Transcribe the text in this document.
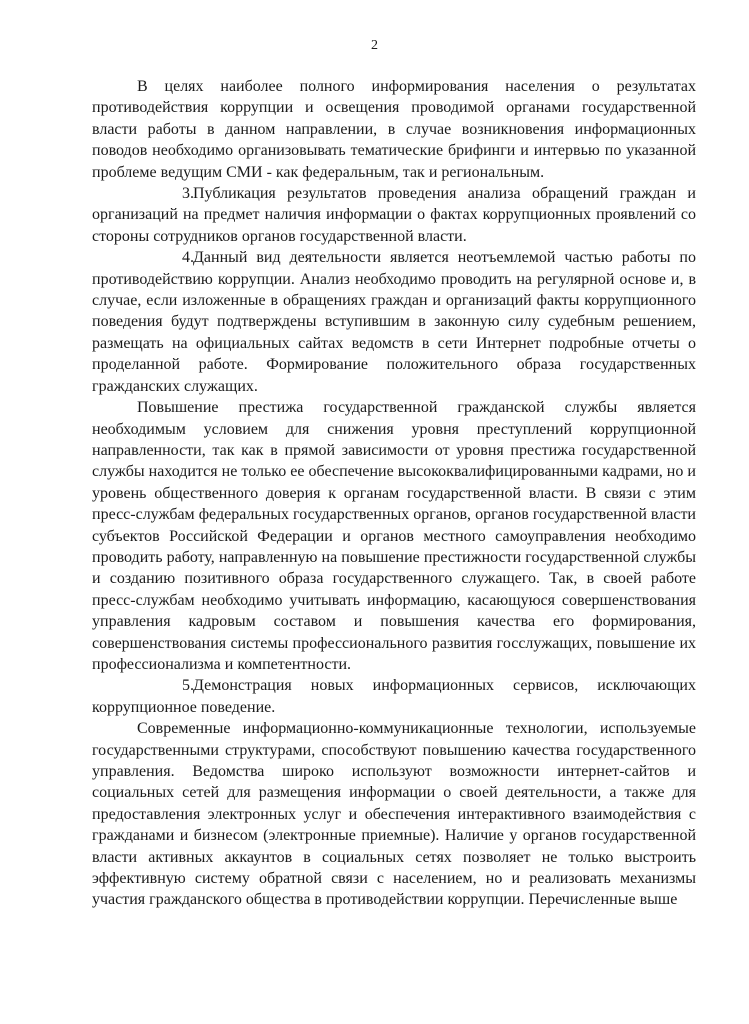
2

В целях наиболее полного информирования населения о результатах противодействия коррупции и освещения проводимой органами государственной власти работы в данном направлении, в случае возникновения информационных поводов необходимо организовывать тематические брифинги и интервью по указанной проблеме ведущим СМИ - как федеральным, так и региональным.

3.Публикация результатов проведения анализа обращений граждан и организаций на предмет наличия информации о фактах коррупционных проявлений со стороны сотрудников органов государственной власти.

4.Данный вид деятельности является неотъемлемой частью работы по противодействию коррупции. Анализ необходимо проводить на регулярной основе и, в случае, если изложенные в обращениях граждан и организаций факты коррупционного поведения будут подтверждены вступившим в законную силу судебным решением, размещать на официальных сайтах ведомств в сети Интернет подробные отчеты о проделанной работе. Формирование положительного образа государственных гражданских служащих.

Повышение престижа государственной гражданской службы является необходимым условием для снижения уровня преступлений коррупционной направленности, так как в прямой зависимости от уровня престижа государственной службы находится не только ее обеспечение высококвалифицированными кадрами, но и уровень общественного доверия к органам государственной власти. В связи с этим пресс-службам федеральных государственных органов, органов государственной власти субъектов Российской Федерации и органов местного самоуправления необходимо проводить работу, направленную на повышение престижности государственной службы и созданию позитивного образа государственного служащего. Так, в своей работе пресс-службам необходимо учитывать информацию, касающуюся совершенствования управления кадровым составом и повышения качества его формирования, совершенствования системы профессионального развития госслужащих, повышение их профессионализма и компетентности.

5.Демонстрация новых информационных сервисов, исключающих коррупционное поведение.

Современные информационно-коммуникационные технологии, используемые государственными структурами, способствуют повышению качества государственного управления. Ведомства широко используют возможности интернет-сайтов и социальных сетей для размещения информации о своей деятельности, а также для предоставления электронных услуг и обеспечения интерактивного взаимодействия с гражданами и бизнесом (электронные приемные). Наличие у органов государственной власти активных аккаунтов в социальных сетях позволяет не только выстроить эффективную систему обратной связи с населением, но и реализовать механизмы участия гражданского общества в противодействии коррупции. Перечисленные выше
